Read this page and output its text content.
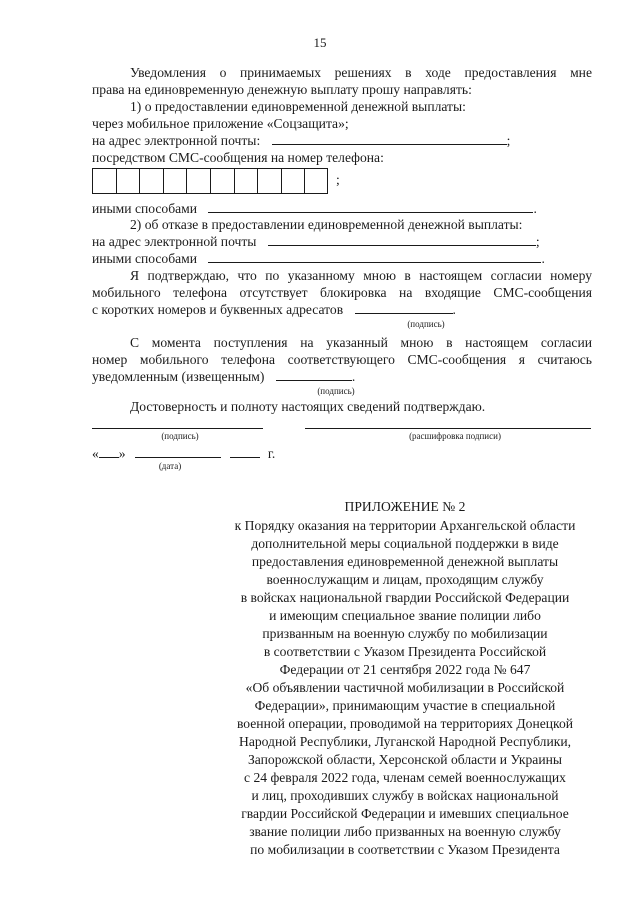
15
Уведомления о принимаемых решениях в ходе предоставления мне
права на единовременную денежную выплату прошу направлять:
1) о предоставлении единовременной денежной выплаты:
через мобильное приложение «Соцзащита»;
на адрес электронной почты:	;
посредством СМС-сообщения на номер телефона:
;
иными способами	.
2) об отказе в предоставлении единовременной денежной выплаты:
на адрес электронной почты	;
иными способами	.
Я подтверждаю, что по указанному мною в настоящем согласии номеру
мобильного телефона отсутствует блокировка на входящие СМС-сообщения
с коротких номеров и буквенных адресатов	.
(подпись)
С момента поступления на указанный мною в настоящем согласии
номер мобильного телефона соответствующего СМС-сообщения я считаюсь
уведомленным (извещенным)	.
(подпись)
Достоверность и полноту настоящих сведений подтверждаю.
(подпись)	(расшифровка подписи)
« »	г.
(дата)
ПРИЛОЖЕНИЕ № 2
к Порядку оказания на территории Архангельской области
дополнительной меры социальной поддержки в виде
предоставления единовременной денежной выплаты
военнослужащим и лицам, проходящим службу
в войсках национальной гвардии Российской Федерации
и имеющим специальное звание полиции либо
призванным на военную службу по мобилизации
в соответствии с Указом Президента Российской
Федерации от 21 сентября 2022 года № 647
«Об объявлении частичной мобилизации в Российской
Федерации», принимающим участие в специальной
военной операции, проводимой на территориях Донецкой
Народной Республики, Луганской Народной Республики,
Запорожской области, Херсонской области и Украины
с 24 февраля 2022 года, членам семей военнослужащих
и лиц, проходивших службу в войсках национальной
гвардии Российской Федерации и имевших специальное
звание полиции либо призванных на военную службу
по мобилизации в соответствии с Указом Президента
